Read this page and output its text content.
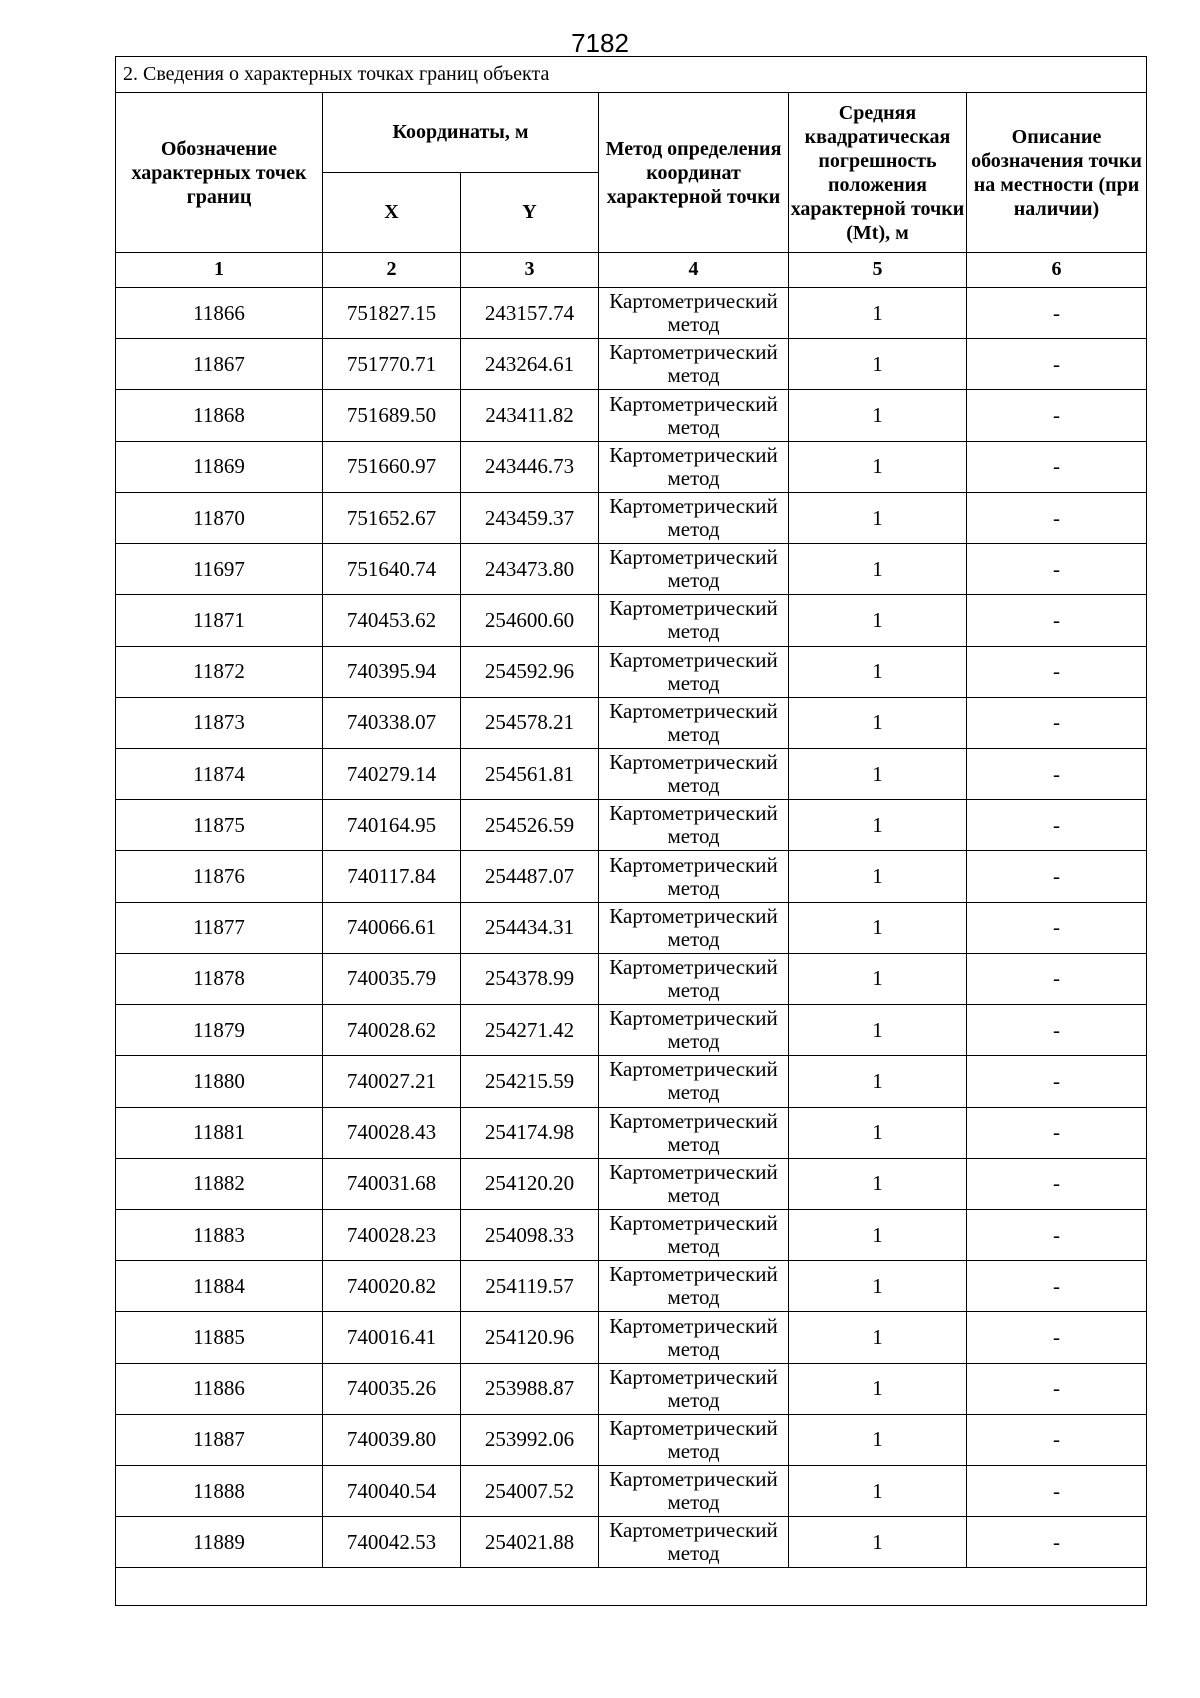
7182
2. Сведения о характерных точках границ объекта					
Обозначение характерных точек границ	Координаты, м		Метод определения координат характерной точки	Средняя квадратическая погрешность положения характерной точки (Mt), м	Описание обозначения точки на местности (при наличии)
	X	Y			
1	2	3	4	5	6
11866	751827.15	243157.74	Картометрический метод	1	-
11867	751770.71	243264.61	Картометрический метод	1	-
11868	751689.50	243411.82	Картометрический метод	1	-
11869	751660.97	243446.73	Картометрический метод	1	-
11870	751652.67	243459.37	Картометрический метод	1	-
11697	751640.74	243473.80	Картометрический метод	1	-
11871	740453.62	254600.60	Картометрический метод	1	-
11872	740395.94	254592.96	Картометрический метод	1	-
11873	740338.07	254578.21	Картометрический метод	1	-
11874	740279.14	254561.81	Картометрический метод	1	-
11875	740164.95	254526.59	Картометрический метод	1	-
11876	740117.84	254487.07	Картометрический метод	1	-
11877	740066.61	254434.31	Картометрический метод	1	-
11878	740035.79	254378.99	Картометрический метод	1	-
11879	740028.62	254271.42	Картометрический метод	1	-
11880	740027.21	254215.59	Картометрический метод	1	-
11881	740028.43	254174.98	Картометрический метод	1	-
11882	740031.68	254120.20	Картометрический метод	1	-
11883	740028.23	254098.33	Картометрический метод	1	-
11884	740020.82	254119.57	Картометрический метод	1	-
11885	740016.41	254120.96	Картометрический метод	1	-
11886	740035.26	253988.87	Картометрический метод	1	-
11887	740039.80	253992.06	Картометрический метод	1	-
11888	740040.54	254007.52	Картометрический метод	1	-
11889	740042.53	254021.88	Картометрический метод	1	-
